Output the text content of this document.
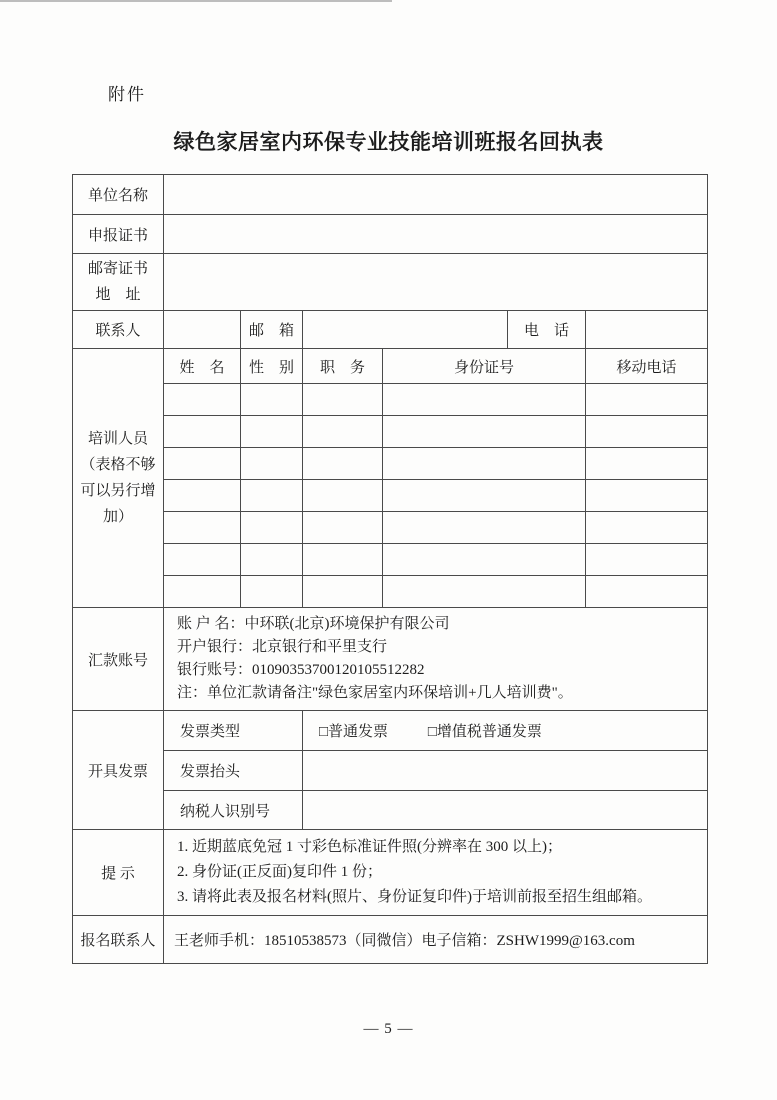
附件
绿色家居室内环保专业技能培训班报名回执表
单位名称						
申报证书						

邮寄证书
地　址						

联系人		邮　箱			电　话	

培训人员
（表格不够
可以另行增
加）	姓　名	性　别	职　务	身份证号		移动电话

汇款账号	账 户 名：中环联(北京)环境保护有限公司
开户银行：北京银行和平里支行
银行账号：01090353700120105512282
注：单位汇款请备注"绿色家居室内环保培训+几人培训费"。					

开具发票	发票类型		□普通发票 □增值税普通发票			
	发票抬头					
	纳税人识别号					
提 示	1. 近期蓝底免冠 1 寸彩色标准证件照(分辨率在 300 以上)；
2. 身份证(正反面)复印件 1 份；
3. 请将此表及报名材料(照片、身份证复印件)于培训前报至招生组邮箱。					

报名联系人	王老师手机：18510538573（同微信）电子信箱：ZSHW1999@163.com					
— 5 —
